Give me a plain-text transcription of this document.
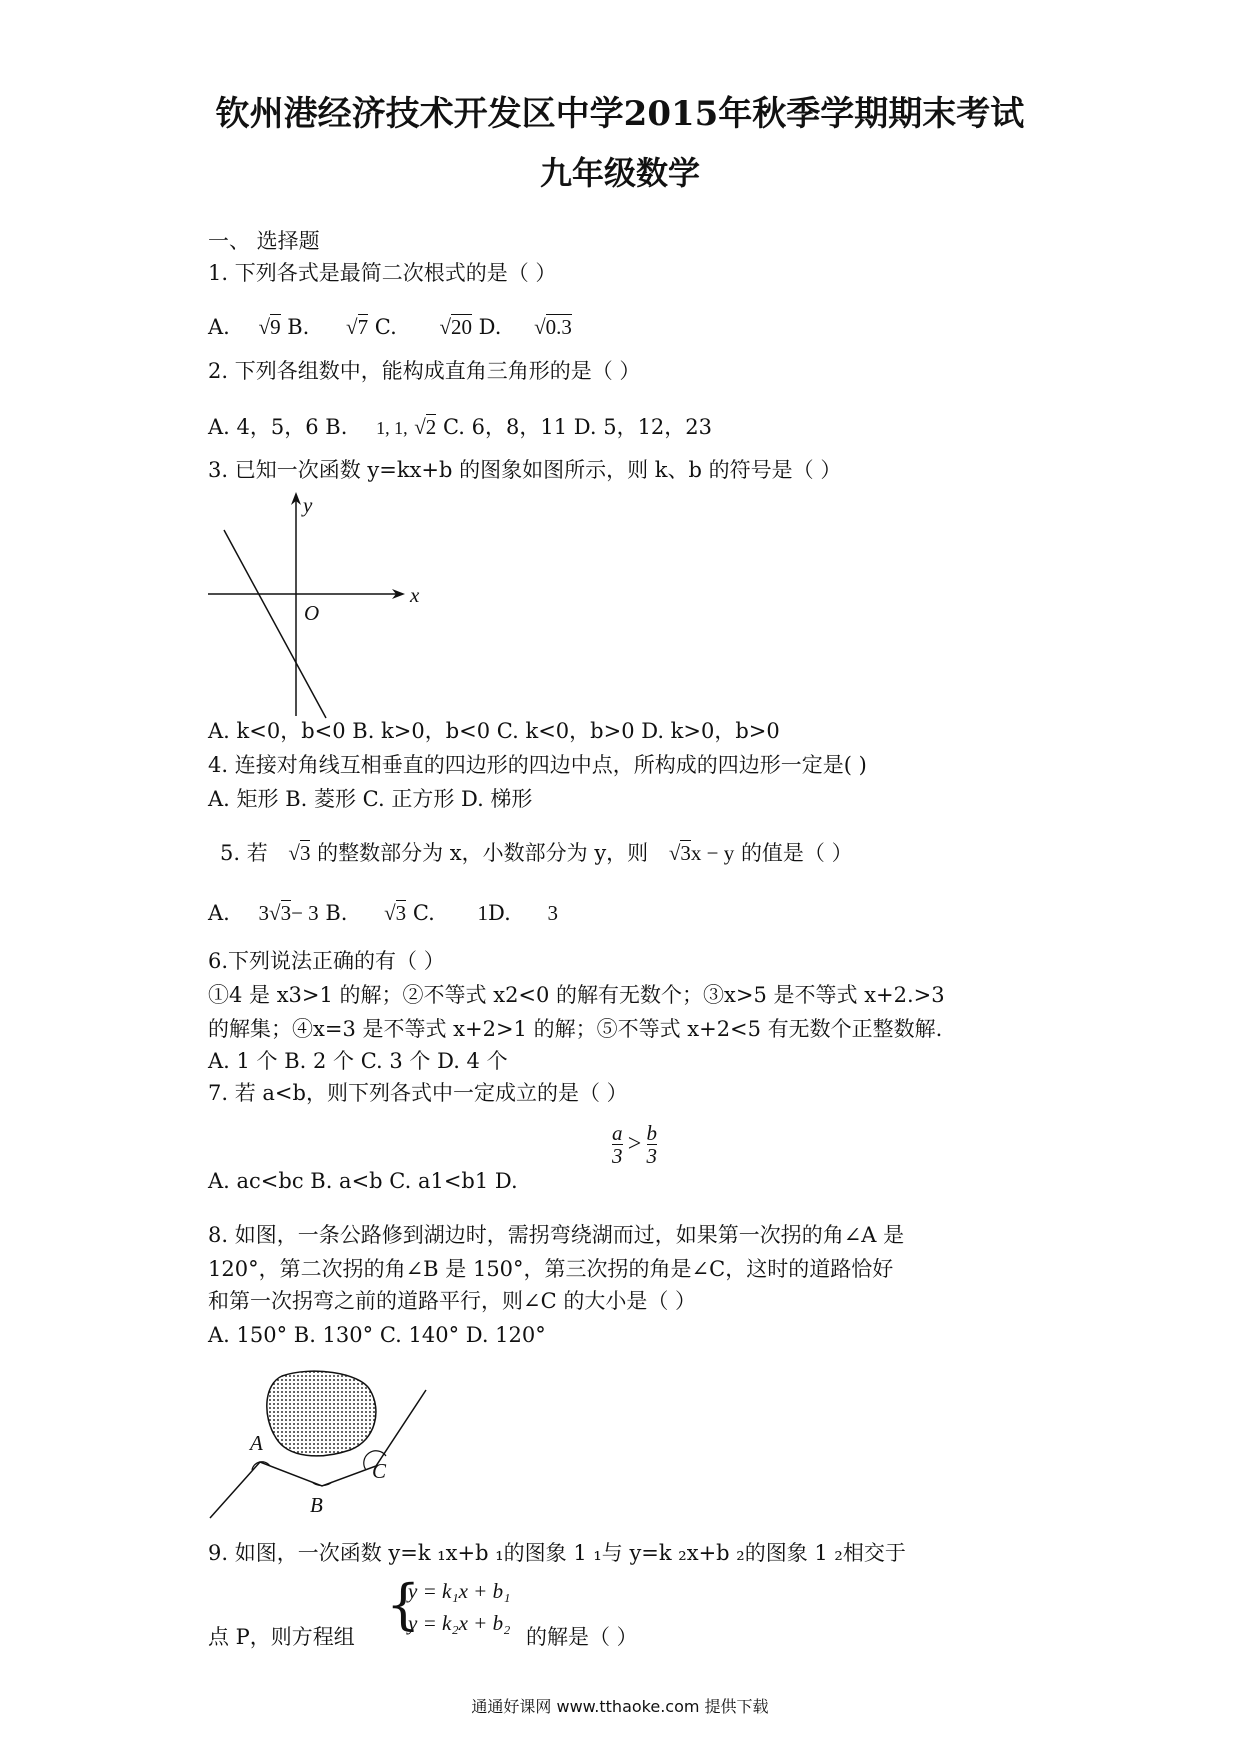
钦州港经济技术开发区中学2015年秋季学期期末考试
九年级数学
一、 选择题
1. 下列各式是最简二次根式的是（ ）
A. √9 B. √7 C. √20 D. √0.3
2. 下列各组数中，能构成直角三角形的是（ ）
A. 4，5，6 B. 1, 1, √2 C. 6，8，11 D. 5，12，23
3. 已知一次函数 y=kx+b 的图象如图所示，则 k、b 的符号是（ ）
y
x
O
A. k<0，b<0 B. k>0，b<0 C. k<0，b>0 D. k>0，b>0
4. 连接对角线互相垂直的四边形的四边中点，所构成的四边形一定是( )
A. 矩形 B. 菱形 C. 正方形 D. 梯形
5. 若 √3 的整数部分为 x，小数部分为 y，则 √3x − y 的值是（ ）
A. 3√3− 3 B. √3 C. 1D. 3
6.下列说法正确的有（ ）
①4 是 x3>1 的解；②不等式 x2<0 的解有无数个；③x>5 是不等式 x+2.>3
的解集；④x=3 是不等式 x+2>1 的解；⑤不等式 x+2<5 有无数个正整数解.
A. 1 个 B. 2 个 C. 3 个 D. 4 个
7. 若 a<b，则下列各式中一定成立的是（ ）
A. ac<bc B. a<b C. a1<b1 D.
$\frac{a}{3} > \frac{b}{3}$
8. 如图，一条公路修到湖边时，需拐弯绕湖而过，如果第一次拐的角∠A 是
120°，第二次拐的角∠B 是 150°，第三次拐的角是∠C，这时的道路恰好
和第一次拐弯之前的道路平行，则∠C 的大小是（ ）
A. 150° B. 130° C. 140° D. 120°
A
B
C
9. 如图，一次函数 y=k ₁x+b ₁的图象 1 ₁与 y=k ₂x+b ₂的图象 1 ₂相交于
{
y = k₁x + b₁
y = k₂x + b₂
点 P，则方程组	的解是（ ）
通通好课网 www.tthaoke.com 提供下载
